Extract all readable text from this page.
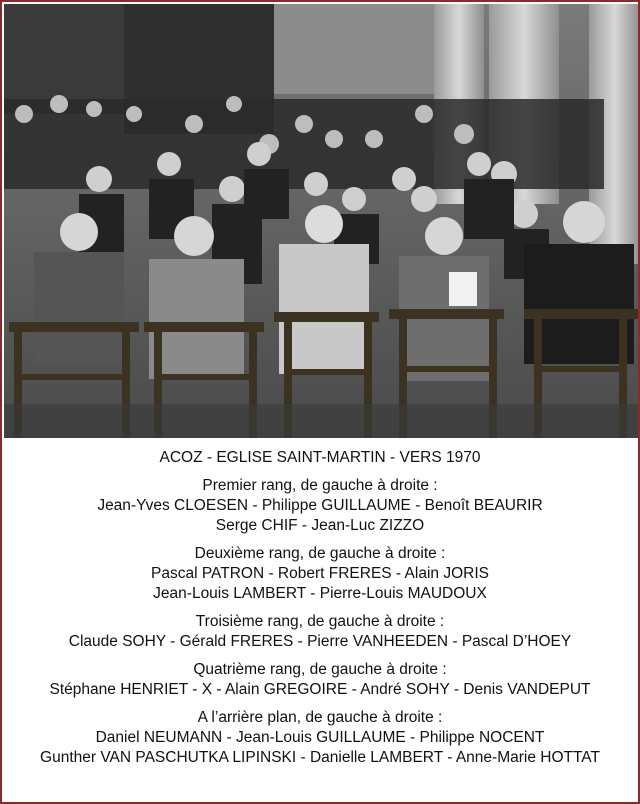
ACOZ - EGLISE SAINT-MARTIN - VERS 1970
Premier rang, de gauche à droite :
Jean-Yves CLOESEN - Philippe GUILLAUME - Benoît BEAURIR
Serge CHIF - Jean-Luc ZIZZO
Deuxième rang, de gauche à droite :
Pascal PATRON - Robert FRERES - Alain JORIS
Jean-Louis LAMBERT - Pierre-Louis MAUDOUX
Troisième rang, de gauche à droite :
Claude SOHY - Gérald FRERES - Pierre VANHEEDEN - Pascal D’HOEY
Quatrième rang, de gauche à droite :
Stéphane HENRIET - X - Alain GREGOIRE - André SOHY - Denis VANDEPUT
A l’arrière plan, de gauche à droite :
Daniel NEUMANN - Jean-Louis GUILLAUME - Philippe NOCENT
Gunther VAN PASCHUTKA LIPINSKI - Danielle LAMBERT - Anne-Marie HOTTAT
